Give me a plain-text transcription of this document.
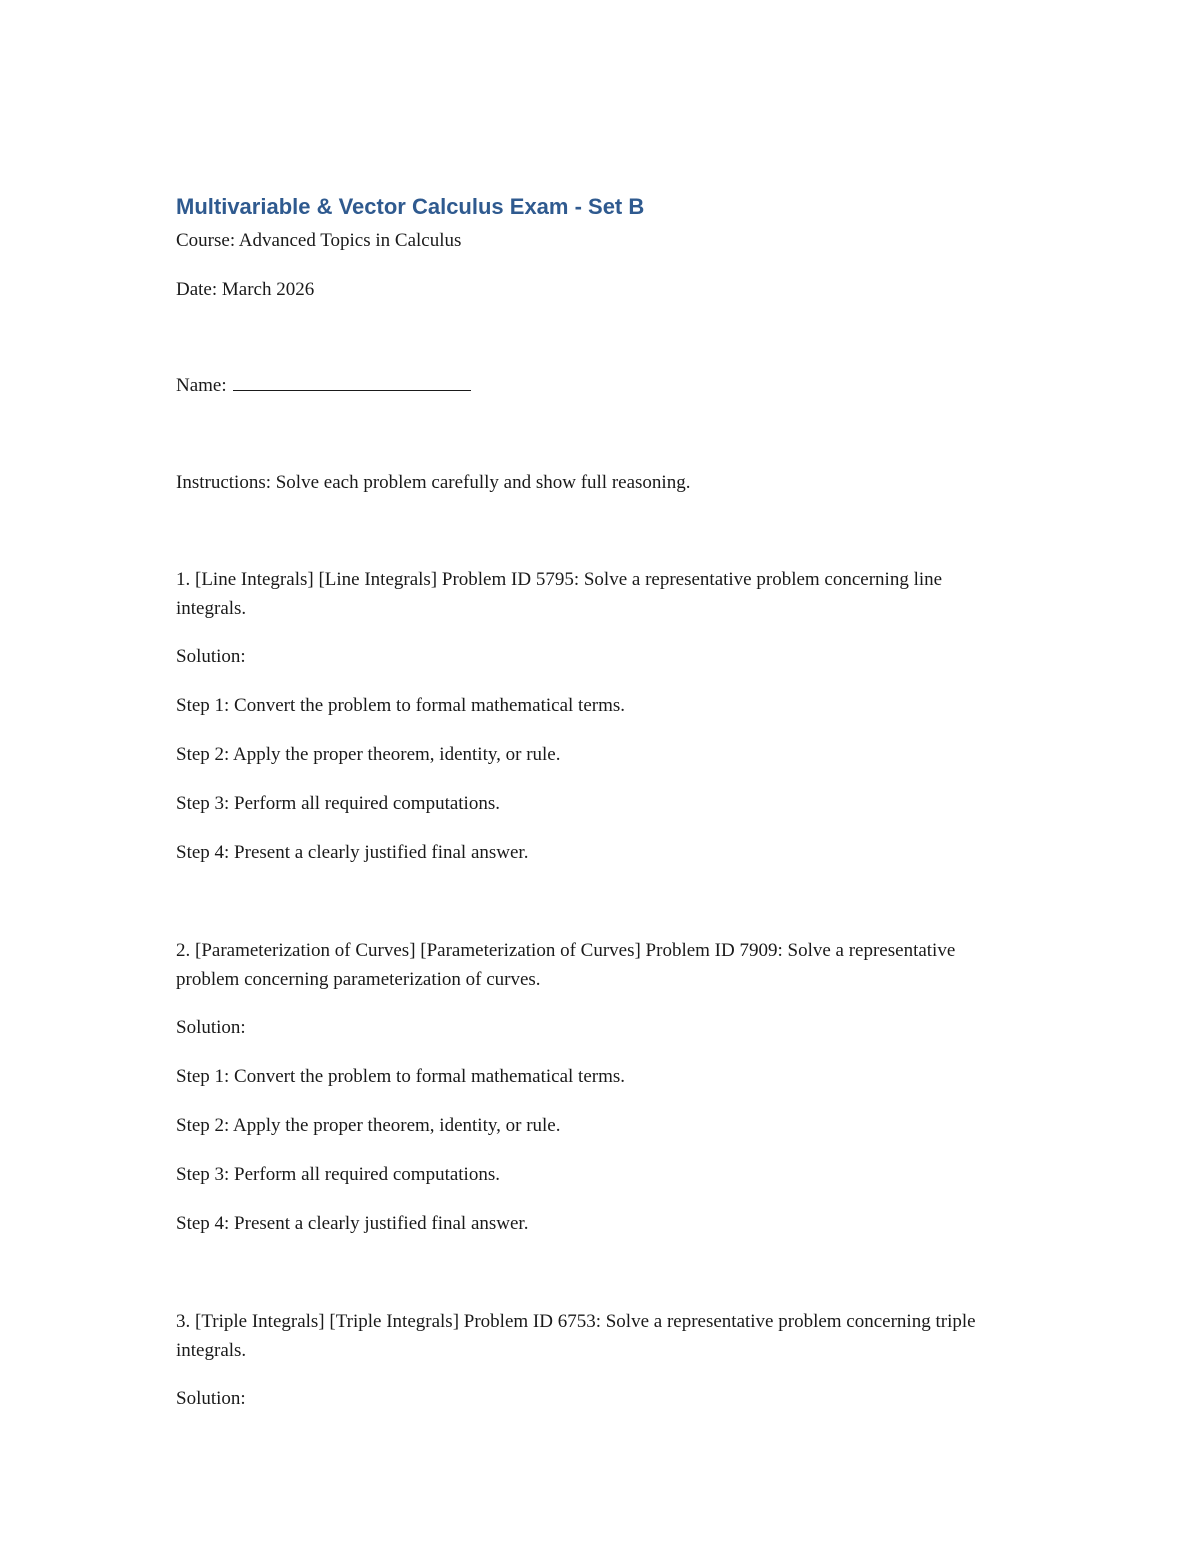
Multivariable & Vector Calculus Exam - Set B

Course: Advanced Topics in Calculus

Date: March 2026

Name:

Instructions: Solve each problem carefully and show full reasoning.

1. [Line Integrals] [Line Integrals] Problem ID 5795: Solve a representative problem concerning line integrals.

Solution:

Step 1: Convert the problem to formal mathematical terms.

Step 2: Apply the proper theorem, identity, or rule.

Step 3: Perform all required computations.

Step 4: Present a clearly justified final answer.

2. [Parameterization of Curves] [Parameterization of Curves] Problem ID 7909: Solve a representative problem concerning parameterization of curves.

Solution:

Step 1: Convert the problem to formal mathematical terms.

Step 2: Apply the proper theorem, identity, or rule.

Step 3: Perform all required computations.

Step 4: Present a clearly justified final answer.

3. [Triple Integrals] [Triple Integrals] Problem ID 6753: Solve a representative problem concerning triple integrals.

Solution:
